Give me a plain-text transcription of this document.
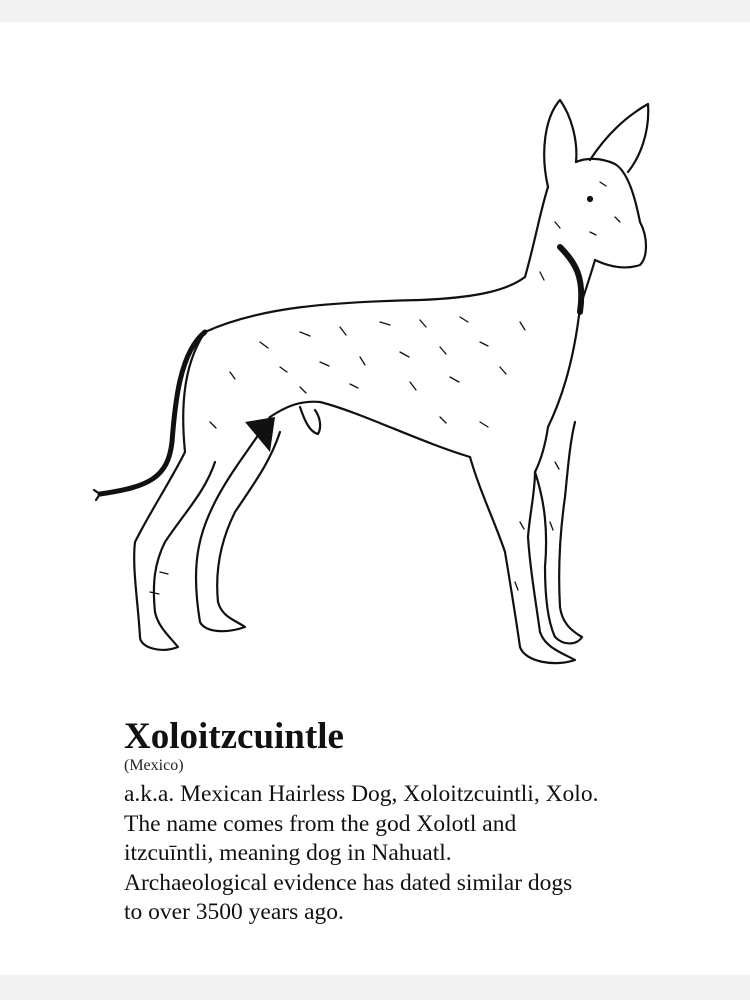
Xoloitzcuintle
(Mexico)
a.k.a. Mexican Hairless Dog, Xoloitzcuintli, Xolo.
The name comes from the god Xolotl and
itzcuīntli, meaning dog in Nahuatl.
Archaeological evidence has dated similar dogs
to over 3500 years ago.
